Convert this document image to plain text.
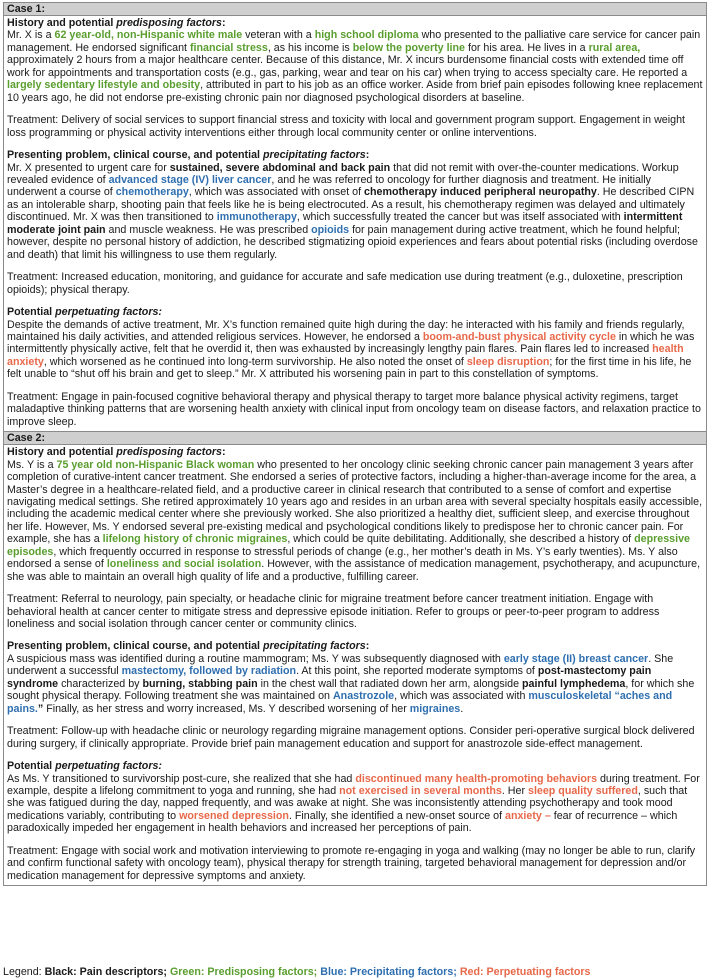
Case 1:

History and potential predisposing factors:

Mr. X is a 62 year-old, non-Hispanic white male veteran with a high school diploma who presented to the palliative care service for cancer pain management. He endorsed significant financial stress, as his income is below the poverty line for his area. He lives in a rural area, approximately 2 hours from a major healthcare center. Because of this distance, Mr. X incurs burdensome financial costs with extended time off work for appointments and transportation costs (e.g., gas, parking, wear and tear on his car) when trying to access specialty care. He reported a largely sedentary lifestyle and obesity, attributed in part to his job as an office worker. Aside from brief pain episodes following knee replacement 10 years ago, he did not endorse pre-existing chronic pain nor diagnosed psychological disorders at baseline.

Treatment: Delivery of social services to support financial stress and toxicity with local and government program support. Engagement in weight loss programming or physical activity interventions either through local community center or online interventions.

Presenting problem, clinical course, and potential precipitating factors:

Mr. X presented to urgent care for sustained, severe abdominal and back pain that did not remit with over-the-counter medications. Workup revealed evidence of advanced stage (IV) liver cancer, and he was referred to oncology for further diagnosis and treatment. He initially underwent a course of chemotherapy, which was associated with onset of chemotherapy induced peripheral neuropathy. He described CIPN as an intolerable sharp, shooting pain that feels like he is being electrocuted. As a result, his chemotherapy regimen was delayed and ultimately discontinued. Mr. X was then transitioned to immunotherapy, which successfully treated the cancer but was itself associated with intermittent moderate joint pain and muscle weakness. He was prescribed opioids for pain management during active treatment, which he found helpful; however, despite no personal history of addiction, he described stigmatizing opioid experiences and fears about potential risks (including overdose and death) that limit his willingness to use them regularly.

Treatment: Increased education, monitoring, and guidance for accurate and safe medication use during treatment (e.g., duloxetine, prescription opioids); physical therapy.

Potential perpetuating factors:

Despite the demands of active treatment, Mr. X’s function remained quite high during the day: he interacted with his family and friends regularly, maintained his daily activities, and attended religious services. However, he endorsed a boom-and-bust physical activity cycle in which he was intermittently physically active, felt that he overdid it, then was exhausted by increasingly lengthy pain flares. Pain flares led to increased health anxiety, which worsened as he continued into long-term survivorship. He also noted the onset of sleep disruption; for the first time in his life, he felt unable to “shut off his brain and get to sleep.” Mr. X attributed his worsening pain in part to this constellation of symptoms.

Treatment: Engage in pain-focused cognitive behavioral therapy and physical therapy to target more balance physical activity regimens, target maladaptive thinking patterns that are worsening health anxiety with clinical input from oncology team on disease factors, and relaxation practice to improve sleep.

Case 2:

History and potential predisposing factors:

Ms. Y is a 75 year old non-Hispanic Black woman who presented to her oncology clinic seeking chronic cancer pain management 3 years after completion of curative-intent cancer treatment. She endorsed a series of protective factors, including a higher-than-average income for the area, a Master’s degree in a healthcare-related field, and a productive career in clinical research that contributed to a sense of comfort and expertise navigating medical settings. She retired approximately 10 years ago and resides in an urban area with several specialty hospitals easily accessible, including the academic medical center where she previously worked. She also prioritized a healthy diet, sufficient sleep, and exercise throughout her life. However, Ms. Y endorsed several pre-existing medical and psychological conditions likely to predispose her to chronic cancer pain. For example, she has a lifelong history of chronic migraines, which could be quite debilitating. Additionally, she described a history of depressive episodes, which frequently occurred in response to stressful periods of change (e.g., her mother’s death in Ms. Y’s early twenties). Ms. Y also endorsed a sense of loneliness and social isolation. However, with the assistance of medication management, psychotherapy, and acupuncture, she was able to maintain an overall high quality of life and a productive, fulfilling career.

Treatment: Referral to neurology, pain specialty, or headache clinic for migraine treatment before cancer treatment initiation. Engage with behavioral health at cancer center to mitigate stress and depressive episode initiation. Refer to groups or peer-to-peer program to address loneliness and social isolation through cancer center or community clinics.

Presenting problem, clinical course, and potential precipitating factors:

A suspicious mass was identified during a routine mammogram; Ms. Y was subsequently diagnosed with early stage (II) breast cancer. She underwent a successful mastectomy, followed by radiation. At this point, she reported moderate symptoms of post-mastectomy pain syndrome characterized by burning, stabbing pain in the chest wall that radiated down her arm, alongside painful lymphedema, for which she sought physical therapy. Following treatment she was maintained on Anastrozole, which was associated with musculoskeletal “aches and pains.” Finally, as her stress and worry increased, Ms. Y described worsening of her migraines.

Treatment: Follow-up with headache clinic or neurology regarding migraine management options. Consider peri-operative surgical block delivered during surgery, if clinically appropriate. Provide brief pain management education and support for anastrozole side-effect management.

Potential perpetuating factors:

As Ms. Y transitioned to survivorship post-cure, she realized that she had discontinued many health-promoting behaviors during treatment. For example, despite a lifelong commitment to yoga and running, she had not exercised in several months. Her sleep quality suffered, such that she was fatigued during the day, napped frequently, and was awake at night. She was inconsistently attending psychotherapy and took mood medications variably, contributing to worsened depression. Finally, she identified a new-onset source of anxiety – fear of recurrence – which paradoxically impeded her engagement in health behaviors and increased her perceptions of pain.

Treatment: Engage with social work and motivation interviewing to promote re-engaging in yoga and walking (may no longer be able to run, clarify and confirm functional safety with oncology team), physical therapy for strength training, targeted behavioral management for depression and/or medication management for depressive symptoms and anxiety.

Legend: Black: Pain descriptors; Green: Predisposing factors; Blue: Precipitating factors; Red: Perpetuating factors
